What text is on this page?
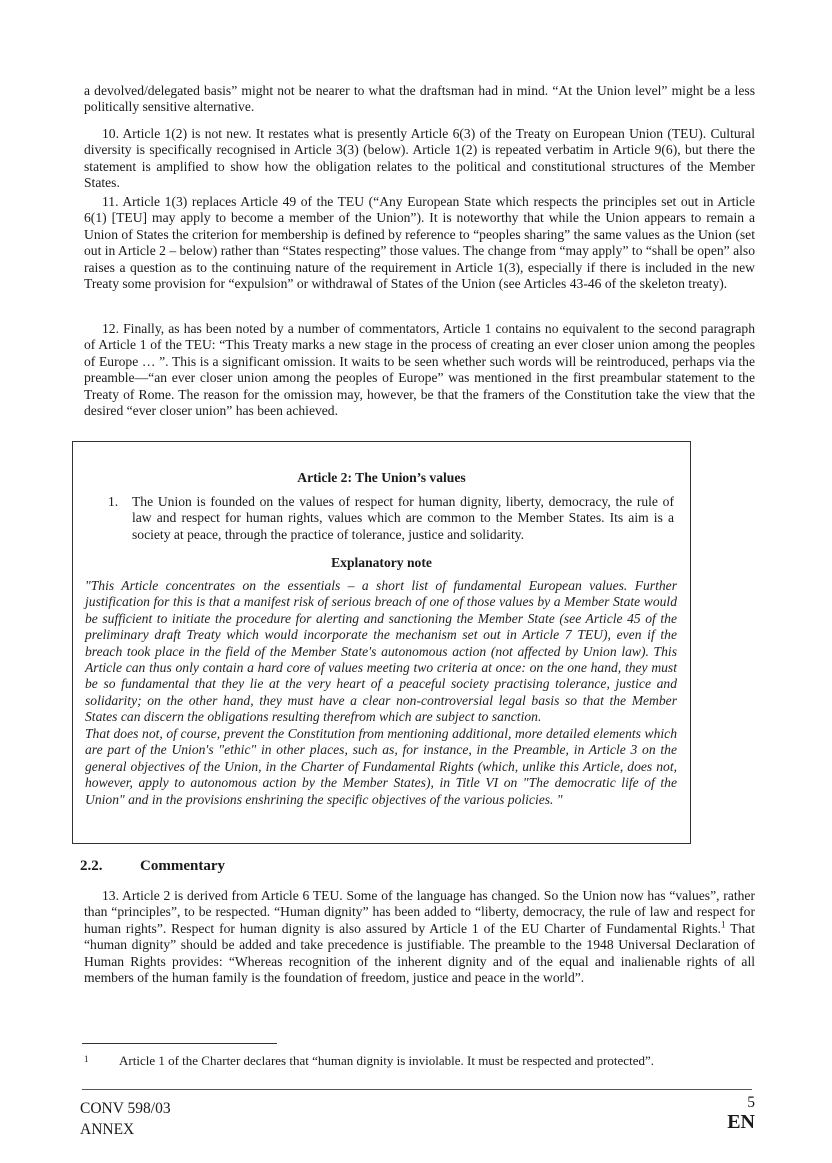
a devolved/delegated basis” might not be nearer to what the draftsman had in mind. “At the Union level” might be a less politically sensitive alternative.

10. Article 1(2) is not new. It restates what is presently Article 6(3) of the Treaty on European Union (TEU). Cultural diversity is specifically recognised in Article 3(3) (below). Article 1(2) is repeated verbatim in Article 9(6), but there the statement is amplified to show how the obligation relates to the political and constitutional structures of the Member States.

11. Article 1(3) replaces Article 49 of the TEU (“Any European State which respects the principles set out in Article 6(1) [TEU] may apply to become a member of the Union”). It is noteworthy that while the Union appears to remain a Union of States the criterion for membership is defined by reference to “peoples sharing” the same values as the Union (set out in Article 2 – below) rather than “States respecting” those values. The change from “may apply” to “shall be open” also raises a question as to the continuing nature of the requirement in Article 1(3), especially if there is included in the new Treaty some provision for “expulsion” or withdrawal of States of the Union (see Articles 43-46 of the skeleton treaty).

12. Finally, as has been noted by a number of commentators, Article 1 contains no equivalent to the second paragraph of Article 1 of the TEU: “This Treaty marks a new stage in the process of creating an ever closer union among the peoples of Europe … ”. This is a significant omission. It waits to be seen whether such words will be reintroduced, perhaps via the preamble—“an ever closer union among the peoples of Europe” was mentioned in the first preambular statement to the Treaty of Rome. The reason for the omission may, however, be that the framers of the Constitution take the view that the desired “ever closer union” has been achieved.

Article 2: The Union’s values
1. The Union is founded on the values of respect for human dignity, liberty, democracy, the rule of law and respect for human rights, values which are common to the Member States. Its aim is a society at peace, through the practice of tolerance, justice and solidarity.
Explanatory note
"This Article concentrates on the essentials – a short list of fundamental European values. Further justification for this is that a manifest risk of serious breach of one of those values by a Member State would be sufficient to initiate the procedure for alerting and sanctioning the Member State (see Article 45 of the preliminary draft Treaty which would incorporate the mechanism set out in Article 7 TEU), even if the breach took place in the field of the Member State's autonomous action (not affected by Union law). This Article can thus only contain a hard core of values meeting two criteria at once: on the one hand, they must be so fundamental that they lie at the very heart of a peaceful society practising tolerance, justice and solidarity; on the other hand, they must have a clear non-controversial legal basis so that the Member States can discern the obligations resulting therefrom which are subject to sanction.
That does not, of course, prevent the Constitution from mentioning additional, more detailed elements which are part of the Union's "ethic" in other places, such as, for instance, in the Preamble, in Article 3 on the general objectives of the Union, in the Charter of Fundamental Rights (which, unlike this Article, does not, however, apply to autonomous action by the Member States), in Title VI on "The democratic life of the Union" and in the provisions enshrining the specific objectives of the various policies. "
2.2.	Commentary

13. Article 2 is derived from Article 6 TEU. Some of the language has changed. So the Union now has “values”, rather than “principles”, to be respected. “Human dignity” has been added to “liberty, democracy, the rule of law and respect for human rights”. Respect for human dignity is also assured by Article 1 of the EU Charter of Fundamental Rights.$^1$ That “human dignity” should be added and take precedence is justifiable. The preamble to the 1948 Universal Declaration of Human Rights provides: “Whereas recognition of the inherent dignity and of the equal and inalienable rights of all members of the human family is the foundation of freedom, justice and peace in the world”.

1 Article 1 of the Charter declares that “human dignity is inviolable. It must be respected and protected”.
CONV 598/03
ANNEX
5
EN
